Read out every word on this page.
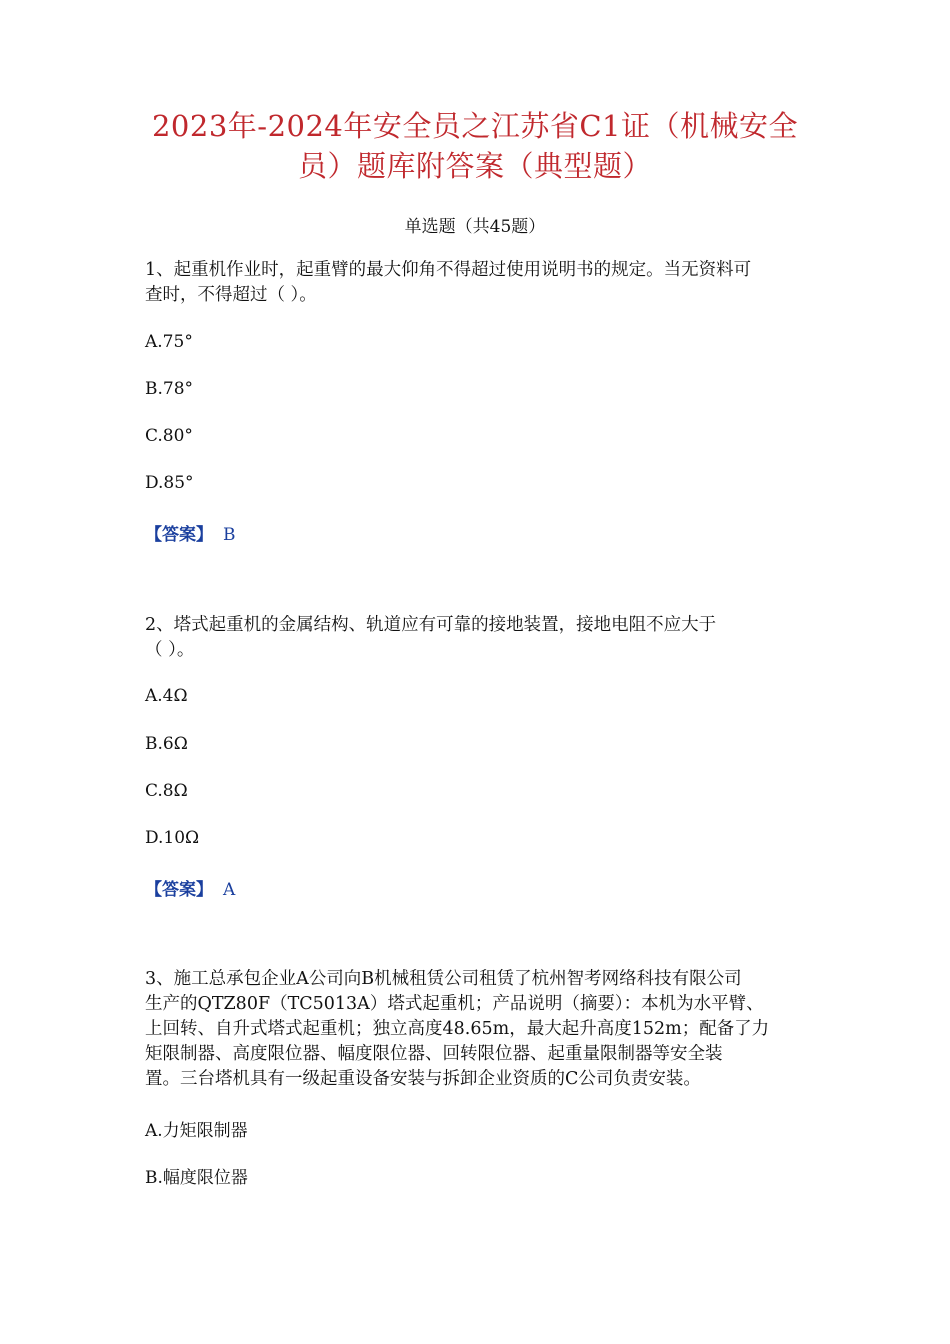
2023年-2024年安全员之江苏省C1证（机械安全
员）题库附答案（典型题）
单选题（共45题）
1、起重机作业时，起重臂的最大仰角不得超过使用说明书的规定。当无资料可
查时，不得超过（ ）。
A.75°
B.78°
C.80°
D.85°
【答案】 B
2、塔式起重机的金属结构、轨道应有可靠的接地装置，接地电阻不应大于
（ ）。
A.4Ω
B.6Ω
C.8Ω
D.10Ω
【答案】 A
3、施工总承包企业A公司向B机械租赁公司租赁了杭州智考网络科技有限公司
生产的QTZ80F（TC5013A）塔式起重机；产品说明（摘要）：本机为水平臂、
上回转、自升式塔式起重机；独立高度48.65m，最大起升高度152m；配备了力
矩限制器、高度限位器、幅度限位器、回转限位器、起重量限制器等安全装
置。三台塔机具有一级起重设备安装与拆卸企业资质的C公司负责安装。
A.力矩限制器
B.幅度限位器
